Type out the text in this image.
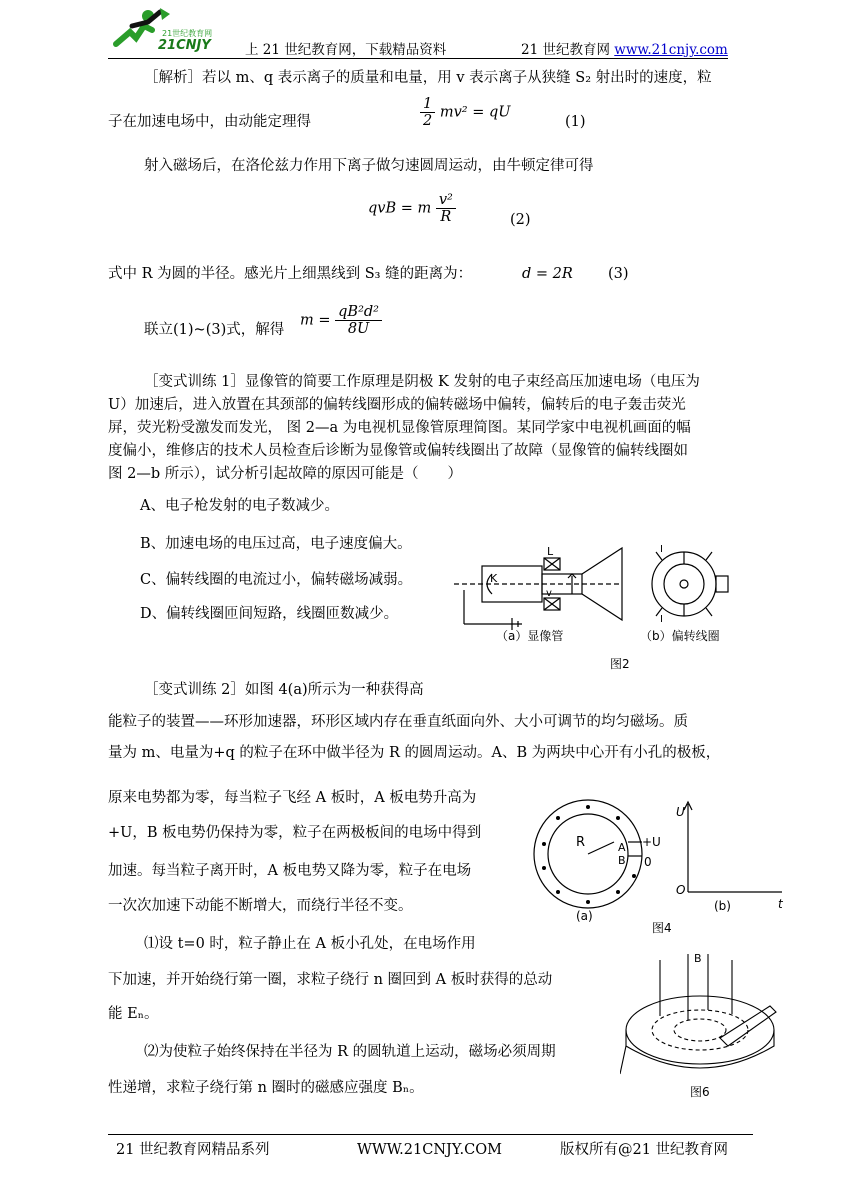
21世纪教育网
21CNJY	上 21 世纪教育网，下载精品资料	21 世纪教育网 www.21cnjy.com
［解析］若以 m、q 表示离子的质量和电量，用 v 表示离子从狭缝 S₂ 射出时的速度，粒
子在加速电场中，由动能定理得	$\frac{1}{2} mv^2$ = qU
(1)
射入磁场后，在洛伦兹力作用下离子做匀速圆周运动，由牛顿定律可得
qvB = m $\frac{\text{v²}}{R}$	(2)
式中 R 为圆的半径。感光片上细黑线到 S₃ 缝的距离为：	d = 2R (3)
联立(1)~(3)式，解得
$m = \frac{\text{qB²d²}}{8U}$
［变式训练 1］显像管的简要工作原理是阴极 K 发射的电子束经高压加速电场（电压为
U）加速后，进入放置在其颈部的偏转线圈形成的偏转磁场中偏转，偏转后的电子轰击荧光
屏，荧光粉受激发而发光， 图 2—a 为电视机显像管原理简图。某同学家中电视机画面的幅
度偏小，维修店的技术人员检查后诊断为显像管或偏转线圈出了故障（显像管的偏转线圈如
图 2—b 所示），试分析引起故障的原因可能是（　　）
A、电子枪发射的电子数减少。
B、加速电场的电压过高，电子速度偏大。
C、偏转线圈的电流过小，偏转磁场减弱。
D、偏转线圈匝间短路，线圈匝数减少。
K
L
v
I
I
（a）显像管	（b）偏转线圈
图2
［变式训练 2］如图 4(a)所示为一种获得高
能粒子的装置——环形加速器，环形区域内存在垂直纸面向外、大小可调节的均匀磁场。质
量为 m、电量为+q 的粒子在环中做半径为 R 的圆周运动。A、B 为两块中心开有小孔的极板，
原来电势都为零，每当粒子飞经 A 板时，A 板电势升高为
+U，B 板电势仍保持为零，粒子在两极板间的电场中得到
加速。每当粒子离开时，A 板电势又降为零，粒子在电场
一次次加速下动能不断增大，而绕行半径不变。
⑴设 t=0 时，粒子静止在 A 板小孔处，在电场作用
下加速，并开始绕行第一圈，求粒子绕行 n 圈回到 A 板时获得的总动
能 Eₙ。
⑵为使粒子始终保持在半径为 R 的圆轨道上运动，磁场必须周期
性递增，求粒子绕行第 n 圈时的磁感应强度 Bₙ。
R	A
B
+U
0
(a)
(b)
U
O
t
图4
B
图6
21 世纪教育网精品系列	WWW.21CNJY.COM	版权所有@21 世纪教育网
